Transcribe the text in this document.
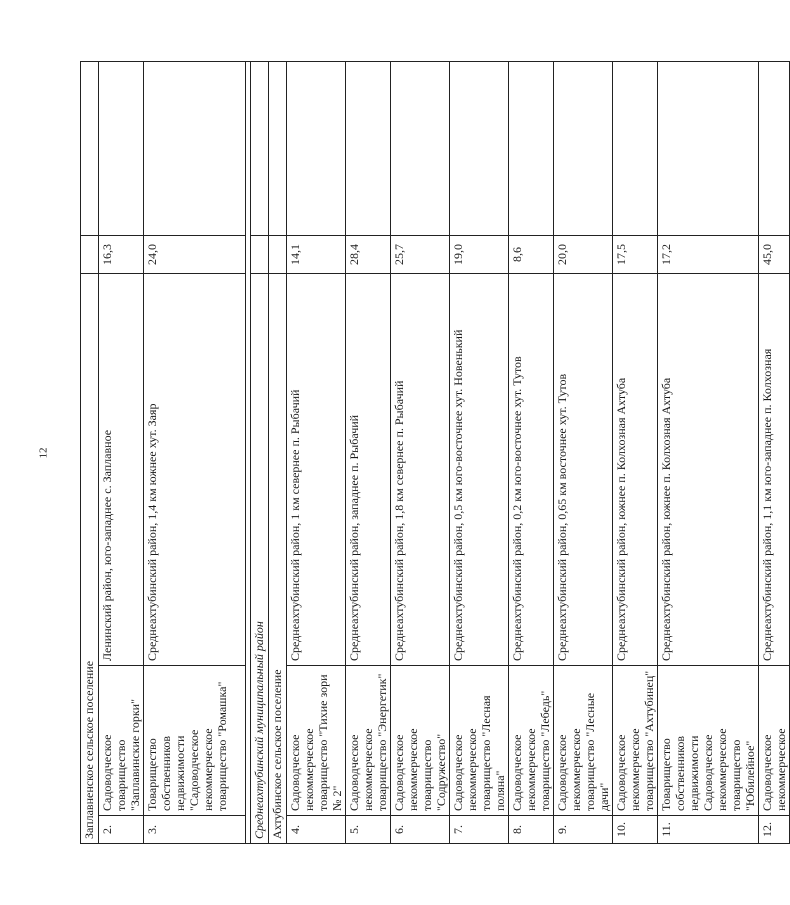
12
Заплавненское сельское поселение				
2.	Садоводческое товарищество "Заплавинские горки"	Ленинский район, юго-западнее с. Заплавное	16,3	
3.	Товарищество собственников недвижимости "Садоводческое некоммерческое товарищество "Ромашка"	Среднеахтубинский район, 1,4 км южнее хут. Заяр	24,0	

Среднеахтубинский муниципальный район				
Ахтубинское сельское поселение				
4.	Садоводческое некоммерческое товарищество "Тихие зори № 2"	Среднеахтубинский район, 1 км севернее п. Рыбачий	14,1	
5.	Садоводческое некоммерческое товарищество "Энергетик"	Среднеахтубинский район, западнее п. Рыбачий	28,4	
6.	Садоводческое некоммерческое товарищество "Содружество"	Среднеахтубинский район, 1,8 км севернее п. Рыбачий	25,7	
7.	Садоводческое некоммерческое товарищество "Лесная поляна"	Среднеахтубинский район, 0,5 км юго-восточнее хут. Новенький	19,0	
8.	Садоводческое некоммерческое товарищество "Лебедь"	Среднеахтубинский район, 0,2 км юго-восточнее хут. Тутов	8,6	
9.	Садоводческое некоммерческое товарищество "Лесные дачи"	Среднеахтубинский район, 0,65 км восточнее хут. Тутов	20,0	
10.	Садоводческое некоммерческое товарищество "Ахтубинец"	Среднеахтубинский район, южнее п. Колхозная Ахтуба	17,5	
11.	Товарищество собственников недвижимости Садоводческое некоммерческое товарищество "Юбилейное"	Среднеахтубинский район, южнее п. Колхозная Ахтуба	17,2	
12.	Садоводческое некоммерческое	Среднеахтубинский район, 1,1 км юго-западнее п. Колхозная	45,0	
